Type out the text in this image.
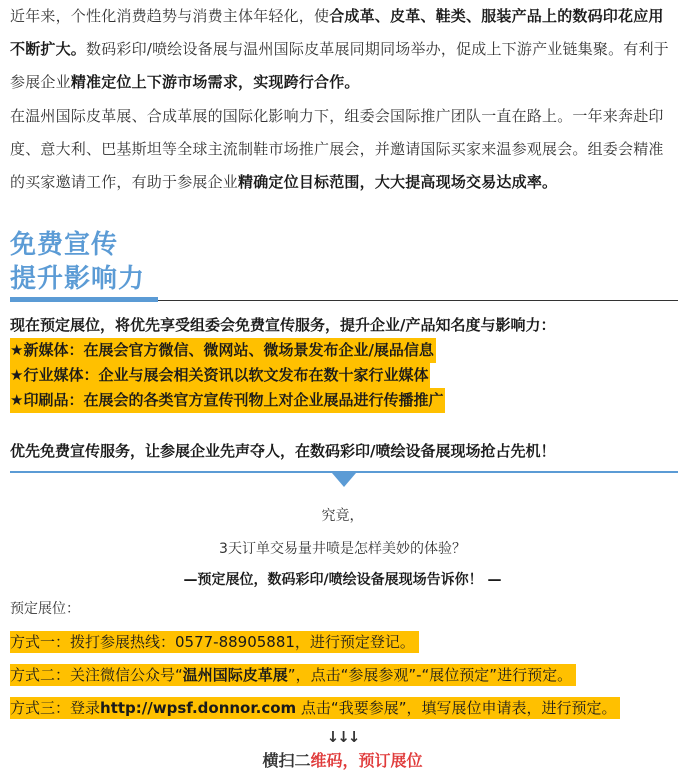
近年来，个性化消费趋势与消费主体年轻化，使合成革、皮革、鞋类、服装产品上的数码印花应用不断扩大。数码彩印/喷绘设备展与温州国际皮革展同期同场举办，促成上下游产业链集聚。有利于参展企业精准定位上下游市场需求，实现跨行合作。

在温州国际皮革展、合成革展的国际化影响力下，组委会国际推广团队一直在路上。一年来奔赴印度、意大利、巴基斯坦等全球主流制鞋市场推广展会，并邀请国际买家来温参观展会。组委会精准的买家邀请工作，有助于参展企业精确定位目标范围，大大提高现场交易达成率。

免费宣传
提升影响力
现在预定展位，将优先享受组委会免费宣传服务，提升企业/产品知名度与影响力：
★新媒体：在展会官方微信、微网站、微场景发布企业/展品信息
★行业媒体：企业与展会相关资讯以软文发布在数十家行业媒体
★印刷品：在展会的各类官方宣传刊物上对企业展品进行传播推广
优先免费宣传服务，让参展企业先声夺人，在数码彩印/喷绘设备展现场抢占先机！
究竟，
3天订单交易量井喷是怎样美妙的体验？
—预定展位，数码彩印/喷绘设备展现场告诉你！ —
预定展位：
方式一：拨打参展热线：0577-88905881，进行预定登记。
方式二：关注微信公众号“温州国际皮革展”，点击“参展参观”-“展位预定”进行预定。
方式三：登录http://wpsf.donnor.com 点击“我要参展”，填写展位申请表，进行预定。
↓↓↓
横扫二维码，预订展位
